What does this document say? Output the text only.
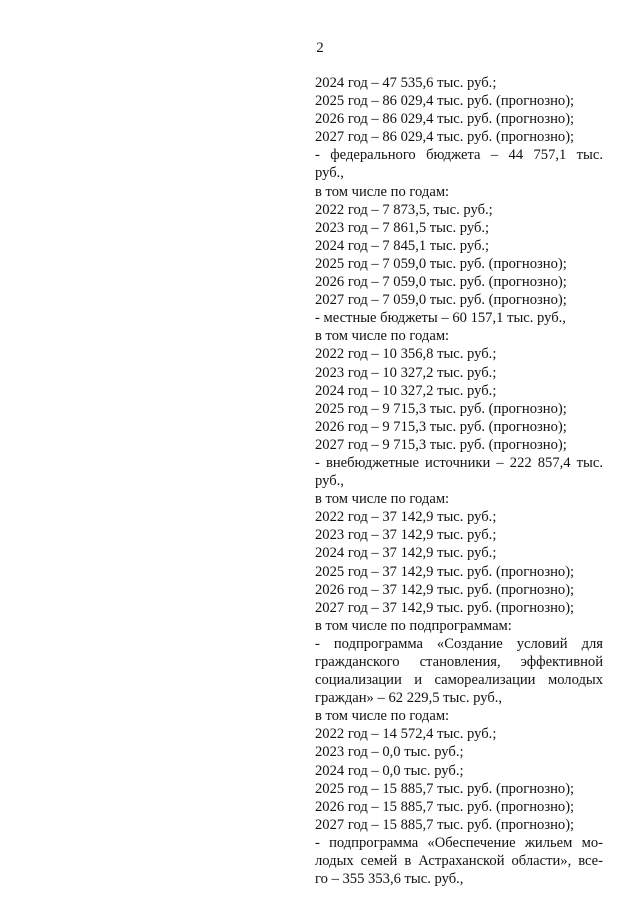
2
2024 год – 47 535,6 тыс. руб.;
2025 год – 86 029,4 тыс. руб. (прогнозно);
2026 год – 86 029,4 тыс. руб. (прогнозно);
2027 год – 86 029,4 тыс. руб. (прогнозно);
- федерального бюджета – 44 757,1 тыс.
руб.,
в том числе по годам:
2022 год – 7 873,5, тыс. руб.;
2023 год – 7 861,5 тыс. руб.;
2024 год – 7 845,1 тыс. руб.;
2025 год – 7 059,0 тыс. руб. (прогнозно);
2026 год – 7 059,0 тыс. руб. (прогнозно);
2027 год – 7 059,0 тыс. руб. (прогнозно);
- местные бюджеты – 60 157,1 тыс. руб.,
в том числе по годам:
2022 год – 10 356,8 тыс. руб.;
2023 год – 10 327,2 тыс. руб.;
2024 год – 10 327,2 тыс. руб.;
2025 год – 9 715,3 тыс. руб. (прогнозно);
2026 год – 9 715,3 тыс. руб. (прогнозно);
2027 год – 9 715,3 тыс. руб. (прогнозно);
- внебюджетные источники – 222 857,4 тыс.
руб.,
в том числе по годам:
2022 год – 37 142,9 тыс. руб.;
2023 год – 37 142,9 тыс. руб.;
2024 год – 37 142,9 тыс. руб.;
2025 год – 37 142,9 тыс. руб. (прогнозно);
2026 год – 37 142,9 тыс. руб. (прогнозно);
2027 год – 37 142,9 тыс. руб. (прогнозно);
в том числе по подпрограммам:
- подпрограмма «Создание условий для
гражданского становления, эффективной
социализации и самореализации молодых
граждан» – 62 229,5 тыс. руб.,
в том числе по годам:
2022 год – 14 572,4 тыс. руб.;
2023 год – 0,0 тыс. руб.;
2024 год – 0,0 тыс. руб.;
2025 год – 15 885,7 тыс. руб. (прогнозно);
2026 год – 15 885,7 тыс. руб. (прогнозно);
2027 год – 15 885,7 тыс. руб. (прогнозно);
- подпрограмма «Обеспечение жильем мо-
лодых семей в Астраханской области», все-
го – 355 353,6 тыс. руб.,
